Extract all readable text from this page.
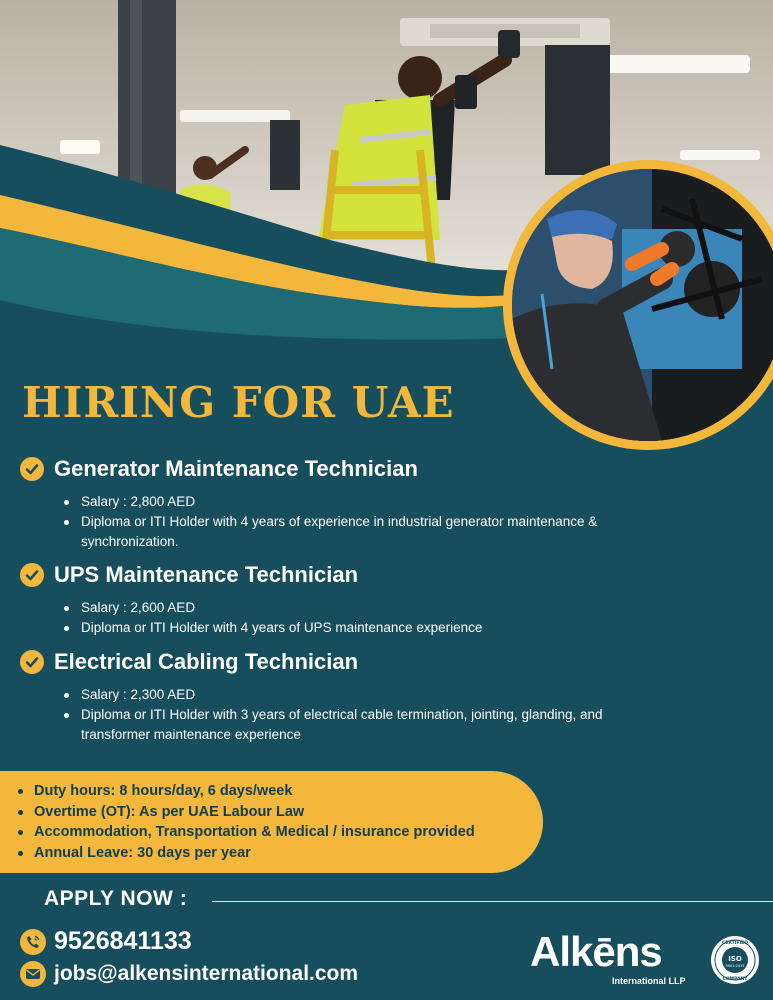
HIRING FOR UAE
Generator Maintenance Technician
Salary : 2,800 AED
Diploma or ITI Holder with 4 years of experience in industrial generator maintenance & synchronization.
UPS Maintenance Technician
Salary : 2,600 AED
Diploma or ITI Holder with 4 years of UPS maintenance experience
Electrical Cabling Technician
Salary : 2,300 AED
Diploma or ITI Holder with 3 years of electrical cable termination, jointing, glanding, and transformer maintenance experience
Duty hours: 8 hours/day, 6 days/week
Overtime (OT): As per UAE Labour Law
Accommodation, Transportation & Medical / insurance provided
Annual Leave: 30 days per year
APPLY NOW :
9526841133
jobs@alkensinternational.com	Alkēns
International LLP
CERTIFIED
ISO
9001:2015
COMPANY
